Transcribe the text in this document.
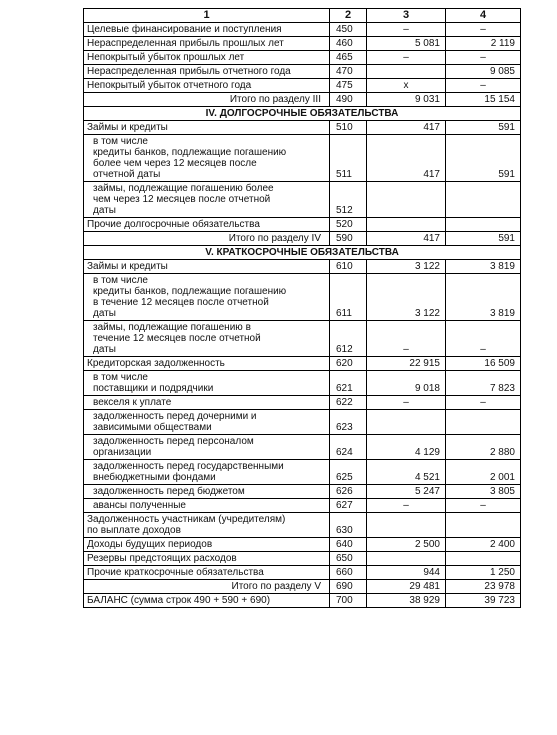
1	2	3	4
Целевые финансирование и поступления	450	–	–
Нераспределенная прибыль прошлых лет	460	5 081	2 119
Непокрытый убыток прошлых лет	465	–	–
Нераспределенная прибыль отчетного года	470		9 085
Непокрытый убыток отчетного года	475	x	–
Итого по разделу III	490	9 031	15 154
IV. ДОЛГОСРОЧНЫЕ ОБЯЗАТЕЛЬСТВА			
Займы и кредиты	510	417	591
в том числе
кредиты банков, подлежащие погашению
более чем через 12 месяцев после
отчетной даты	511	417	591
займы, подлежащие погашению более
чем через 12 месяцев после отчетной
даты	512		
Прочие долгосрочные обязательства	520		
Итого по разделу IV	590	417	591
V. КРАТКОСРОЧНЫЕ ОБЯЗАТЕЛЬСТВА			
Займы и кредиты	610	3 122	3 819
в том числе
кредиты банков, подлежащие погашению
в течение 12 месяцев после отчетной
даты	611	3 122	3 819
займы, подлежащие погашению в
течение 12 месяцев после отчетной
даты	612	–	–
Кредиторская задолженность	620	22 915	16 509
в том числе
поставщики и подрядчики	621	9 018	7 823
векселя к уплате	622	–	–
задолженность перед дочерними и
зависимыми обществами	623		
задолженность перед персоналом
организации	624	4 129	2 880
задолженность перед государственными
внебюджетными фондами	625	4 521	2 001
задолженность перед бюджетом	626	5 247	3 805
авансы полученные	627	–	–
Задолженность участникам (учредителям)
по выплате доходов	630		
Доходы будущих периодов	640	2 500	2 400
Резервы предстоящих расходов	650		
Прочие краткосрочные обязательства	660	944	1 250
Итого по разделу V	690	29 481	23 978
БАЛАНС (сумма строк 490 + 590 + 690)	700	38 929	39 723
